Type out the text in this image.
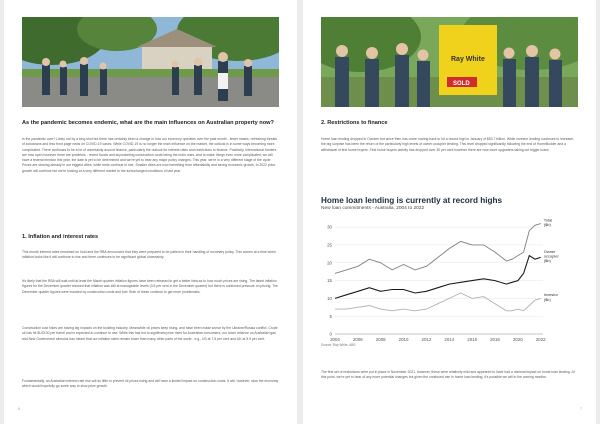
As the pandemic becomes endemic, what are the main influences on Australian property now?

Is the pandemic over? Likely not by a long shot but there has certainly been a change in how our economy operates over the past month - fewer masks, refreshing threats of lockdowns and less front page news on COVID-19 cases. While COVID-19 is no longer the main influence on the market, the outlook is in some ways becoming more complicated. There continues to be a lot of uncertainty around finance, particularly the outlook for interest rates and restrictions to finance. Positively, international borders are now open however there are problems - recent floods and skyrocketing construction costs being the main ones. And to make things even more complicated, we will have a federal election this year, the date is yet to be determined and we're yet to hear any major policy changes. This year, we're in a very different stage of the cycle. Prices are slowing already in our biggest cities, while rents continue to rise. Smaller cities are now benefiting from affordability and strong economic growth. In 2022 price growth will continue but we're looking at a very different market to the turbocharged conditions of last year.

1. Inflation and interest rates

This month interest rates remained on hold and the RBA announced that they were prepared to be patient in their handling of monetary policy. This comes at a time when inflation looks like it will continue to rise and there continues to be significant global uncertainty.

It's likely that the RBA will wait until at least the March quarter inflation figures have been released to get a better idea as to how much prices are rising. The latest inflation figures for the December quarter showed that inflation was still at manageable levels (3.5 per cent in the December quarter) but there is continued pressure on pricing. The December quarter figures were boosted by construction costs and fuel. Both of these continue to get more problematic.

Construction cost hikes are having big impacts on the building industry. Meanwhile oil prices keep rising, and have been made worse by the Ukraine/Russia conflict. Crude oil has hit $US100 per barrel and is expected to continue to rise. While this has led to significant price rises for Australian consumers, our lower reliance on Australian gas and New Government stimulus has meant that our inflation rates remain lower than many other parts of the world - e.g., US at 7.5 per cent and UK at 5.5 per cent.

Fundamentally, an Australian interest rate rise will do little to prevent oil prices rising and will have a limited impact on construction costs. It will, however, slow the economy which would hopefully go some way to slow price growth.

6
Ray White
SOLD
2. Restrictions to finance

Home loan lending dropped in October but since then has come roaring back to hit a record high in January of $53.7 billion. While investor lending continues to increase, the big surprise has been the return of the particularly high levels of owner occupier lending. This level dropped significantly following the end of HomeBuilder and a withdrawal of first home buyers. First home buyers activity has dropped over 30 per cent however there are now more upgraders taking out bigger loans.

Home loan lending is currently at record highs
New loan commitments - Australia, 2004 to 2022
0
5
10
15
20
25
30
2004	2006	2008	2010	2012	2014	2016	2018	2020	2022
Total ($b)
Owner occupier ($b)
Investor ($b)
Source: Ray White, ABS

The first set of restrictions were put in place in November 2021, however, these were relatively mild and appeared to have had a minimal impact on home loan lending. At this point, we're yet to hear of any more potential changes but given the continued rise in home loan lending, it's possible we will in the coming months.

7
